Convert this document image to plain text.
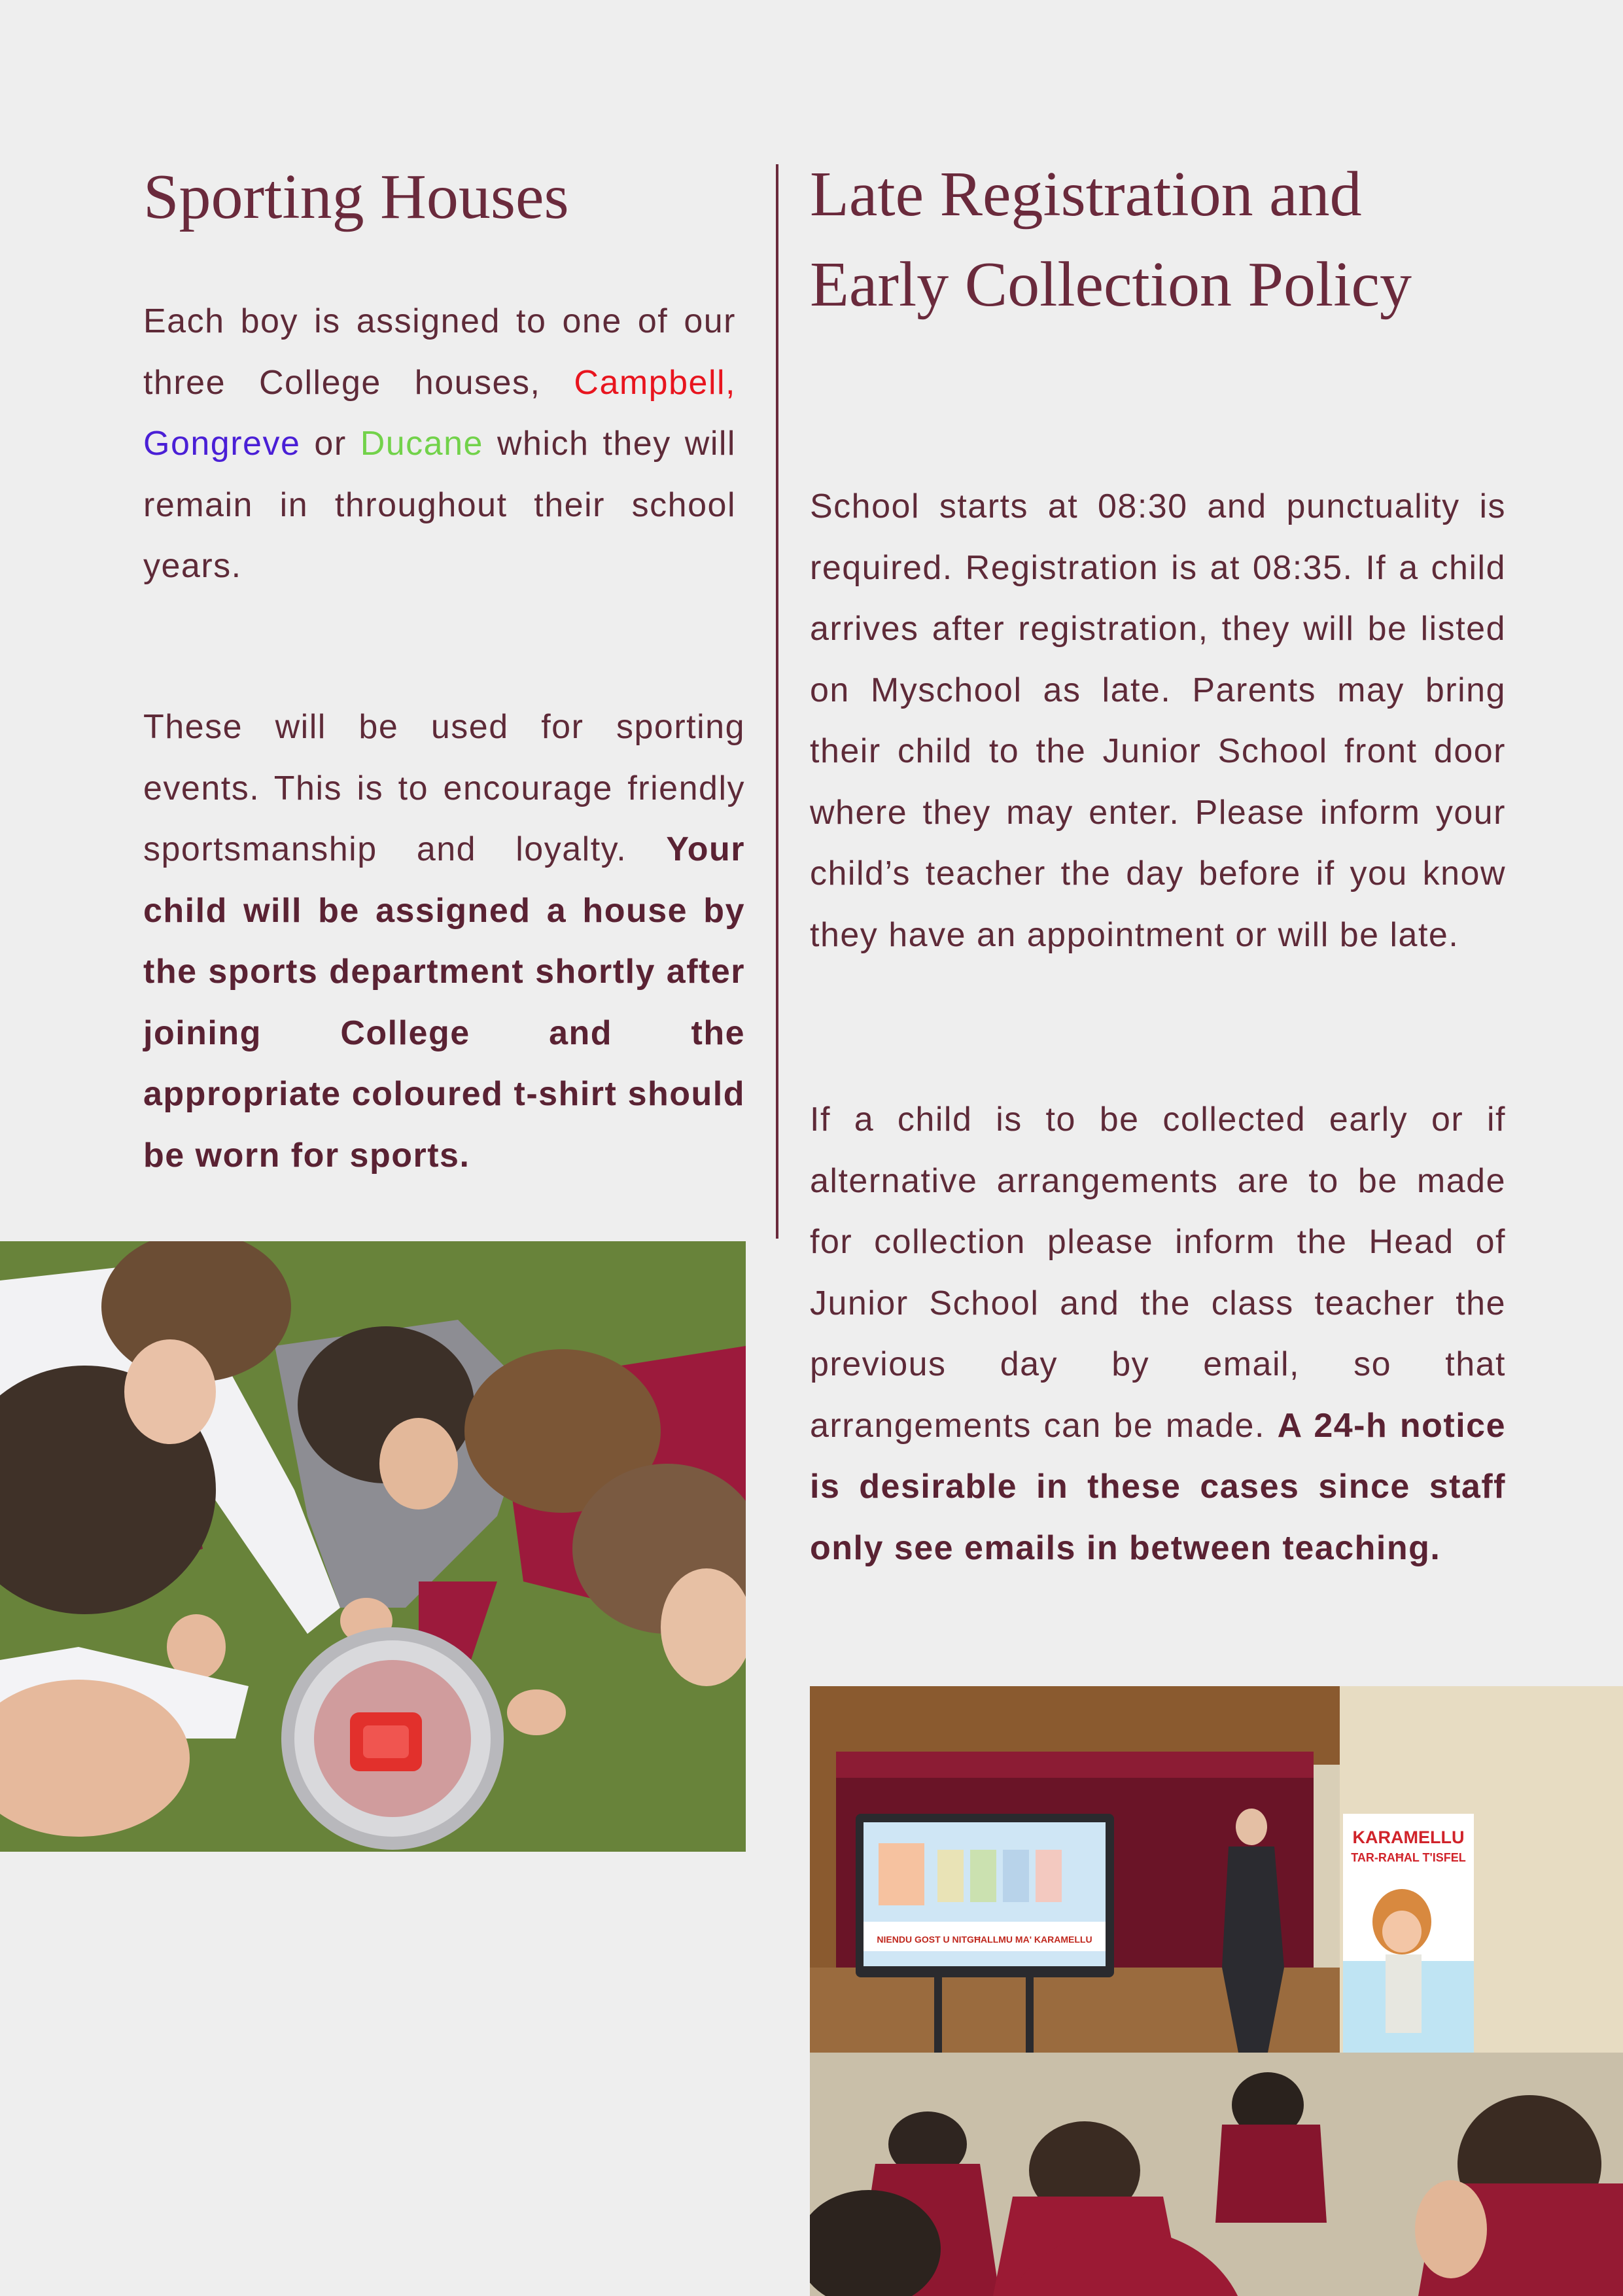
Sporting Houses

Each boy is assigned to one of our three College houses, Campbell, Gongreve or Ducane which they will remain in throughout their school years.

These will be used for sporting events. This is to encourage friendly sportsmanship and loyalty. Your child will be assigned a house by the sports department shortly after joining College and the appropriate coloured t-shirt should be worn for sports.

Late Registration and Early Collection Policy

School starts at 08:30 and punctuality is required. Registration is at 08:35. If a child arrives after registration, they will be listed on Myschool as late. Parents may bring their child to the Junior School front door where they may enter. Please inform your child’s teacher the day before if you know they have an appointment or will be late.

If a child is to be collected early or if alternative arrangements are to be made for collection please inform the Head of Junior School and the class teacher the previous day by email, so that arrangements can be made. A 24-h notice is desirable in these cases since staff only see emails in between teaching.

NIENDU GOST U NITGĦALLMU MA' KARAMELLU
KARAMELLU
TAR-RAĦAL T'ISFEL
